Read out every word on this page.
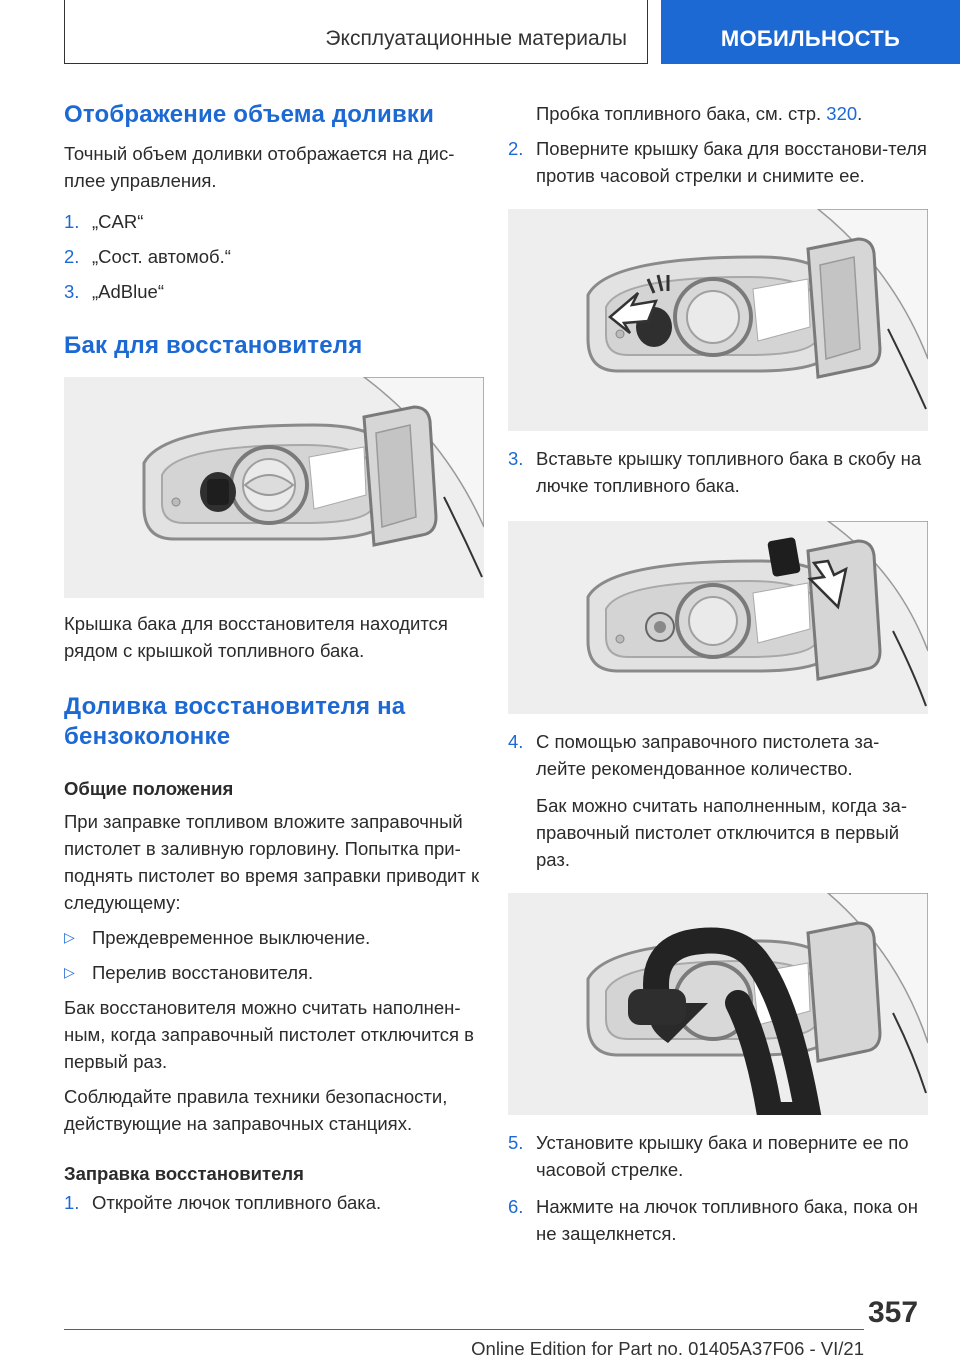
Эксплуатационные материалы	МОБИЛЬНОСТЬ
Отображение объема доливки

Точный объем доливки отображается на дис-плее управления.

1. „CAR“
2. „Сост. автомоб.“
3. „AdBlue“
Бак для восстановителя

Крышка бака для восстановителя находится рядом с крышкой топливного бака.

Доливка восстановителя на бензоколонке
Общие положения

При заправке топливом вложите заправочный пистолет в заливную горловину. Попытка при-поднять пистолет во время заправки приводит к следующему:

▷ Преждевременное выключение.
▷ Перелив восстановителя.

Бак восстановителя можно считать наполнен-ным, когда заправочный пистолет отключится в первый раз.

Соблюдайте правила техники безопасности, действующие на заправочных станциях.

Заправка восстановителя
1. Откройте лючок топливного бака.
Пробка топливного бака, см. стр. 320.
2. Поверните крышку бака для восстанови-теля против часовой стрелки и снимите ее.
3. Вставьте крышку топливного бака в скобу на лючке топливного бака.
4. С помощью заправочного пистолета за-лейте рекомендованное количество.
Бак можно считать наполненным, когда за-правочный пистолет отключится в первый раз.
5. Установите крышку бака и поверните ее по часовой стрелке.
6. Нажмите на лючок топливного бака, пока он не защелкнется.
357
Online Edition for Part no. 01405A37F06 - VI/21
